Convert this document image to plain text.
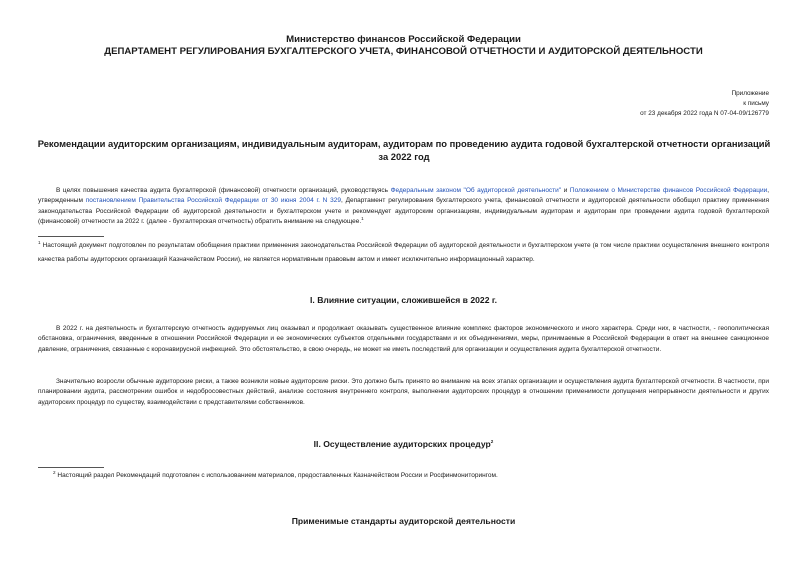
Министерство финансов Российской Федерации
ДЕПАРТАМЕНТ РЕГУЛИРОВАНИЯ БУХГАЛТЕРСКОГО УЧЕТА, ФИНАНСОВОЙ ОТЧЕТНОСТИ И АУДИТОРСКОЙ ДЕЯТЕЛЬНОСТИ
Приложение
к письму
от 23 декабря 2022 года N 07-04-09/126779
Рекомендации аудиторским организациям, индивидуальным аудиторам, аудиторам по проведению аудита годовой бухгалтерской отчетности организаций за 2022 год
В целях повышения качества аудита бухгалтерской (финансовой) отчетности организаций, руководствуясь Федеральным законом "Об аудиторской деятельности" и Положением о Министерстве финансов Российской Федерации, утвержденным постановлением Правительства Российской Федерации от 30 июня 2004 г. N 329, Департамент регулирования бухгалтерского учета, финансовой отчетности и аудиторской деятельности обобщил практику применения законодательства Российской Федерации об аудиторской деятельности и бухгалтерском учете и рекомендует аудиторским организациям, индивидуальным аудиторам и аудиторам при проведении аудита годовой бухгалтерской (финансовой) отчетности за 2022 г. (далее - бухгалтерская отчетность) обратить внимание на следующее.$^1$
$^1$ Настоящий документ подготовлен по результатам обобщения практики применения законодательства Российской Федерации об аудиторской деятельности и бухгалтерском учете (в том числе практики осуществления внешнего контроля качества работы аудиторских организаций Казначейством России), не является нормативным правовым актом и имеет исключительно информационный характер.
I. Влияние ситуации, сложившейся в 2022 г.
В 2022 г. на деятельность и бухгалтерскую отчетность аудируемых лиц оказывал и продолжает оказывать существенное влияние комплекс факторов экономического и иного характера. Среди них, в частности, - геополитическая обстановка, ограничения, введенные в отношении Российской Федерации и ее экономических субъектов отдельными государствами и их объединениями, меры, принимаемые в Российской Федерации в ответ на внешнее санкционное давление, ограничения, связанные с коронавирусной инфекцией. Это обстоятельство, в свою очередь, не может не иметь последствий для организации и осуществления аудита бухгалтерской отчетности.
Значительно возросли обычные аудиторские риски, а также возникли новые аудиторские риски. Это должно быть принято во внимание на всех этапах организации и осуществления аудита бухгалтерской отчетности. В частности, при планировании аудита, рассмотрении ошибок и недобросовестных действий, анализе состояния внутреннего контроля, выполнении аудиторских процедур в отношении применимости допущения непрерывности деятельности и других аудиторских процедур по существу, взаимодействии с представителями собственников.
II. Осуществление аудиторских процедур$^2$
$^2$ Настоящий раздел Рекомендаций подготовлен с использованием материалов, предоставленных Казначейством России и Росфинмониторингом.
Применимые стандарты аудиторской деятельности
